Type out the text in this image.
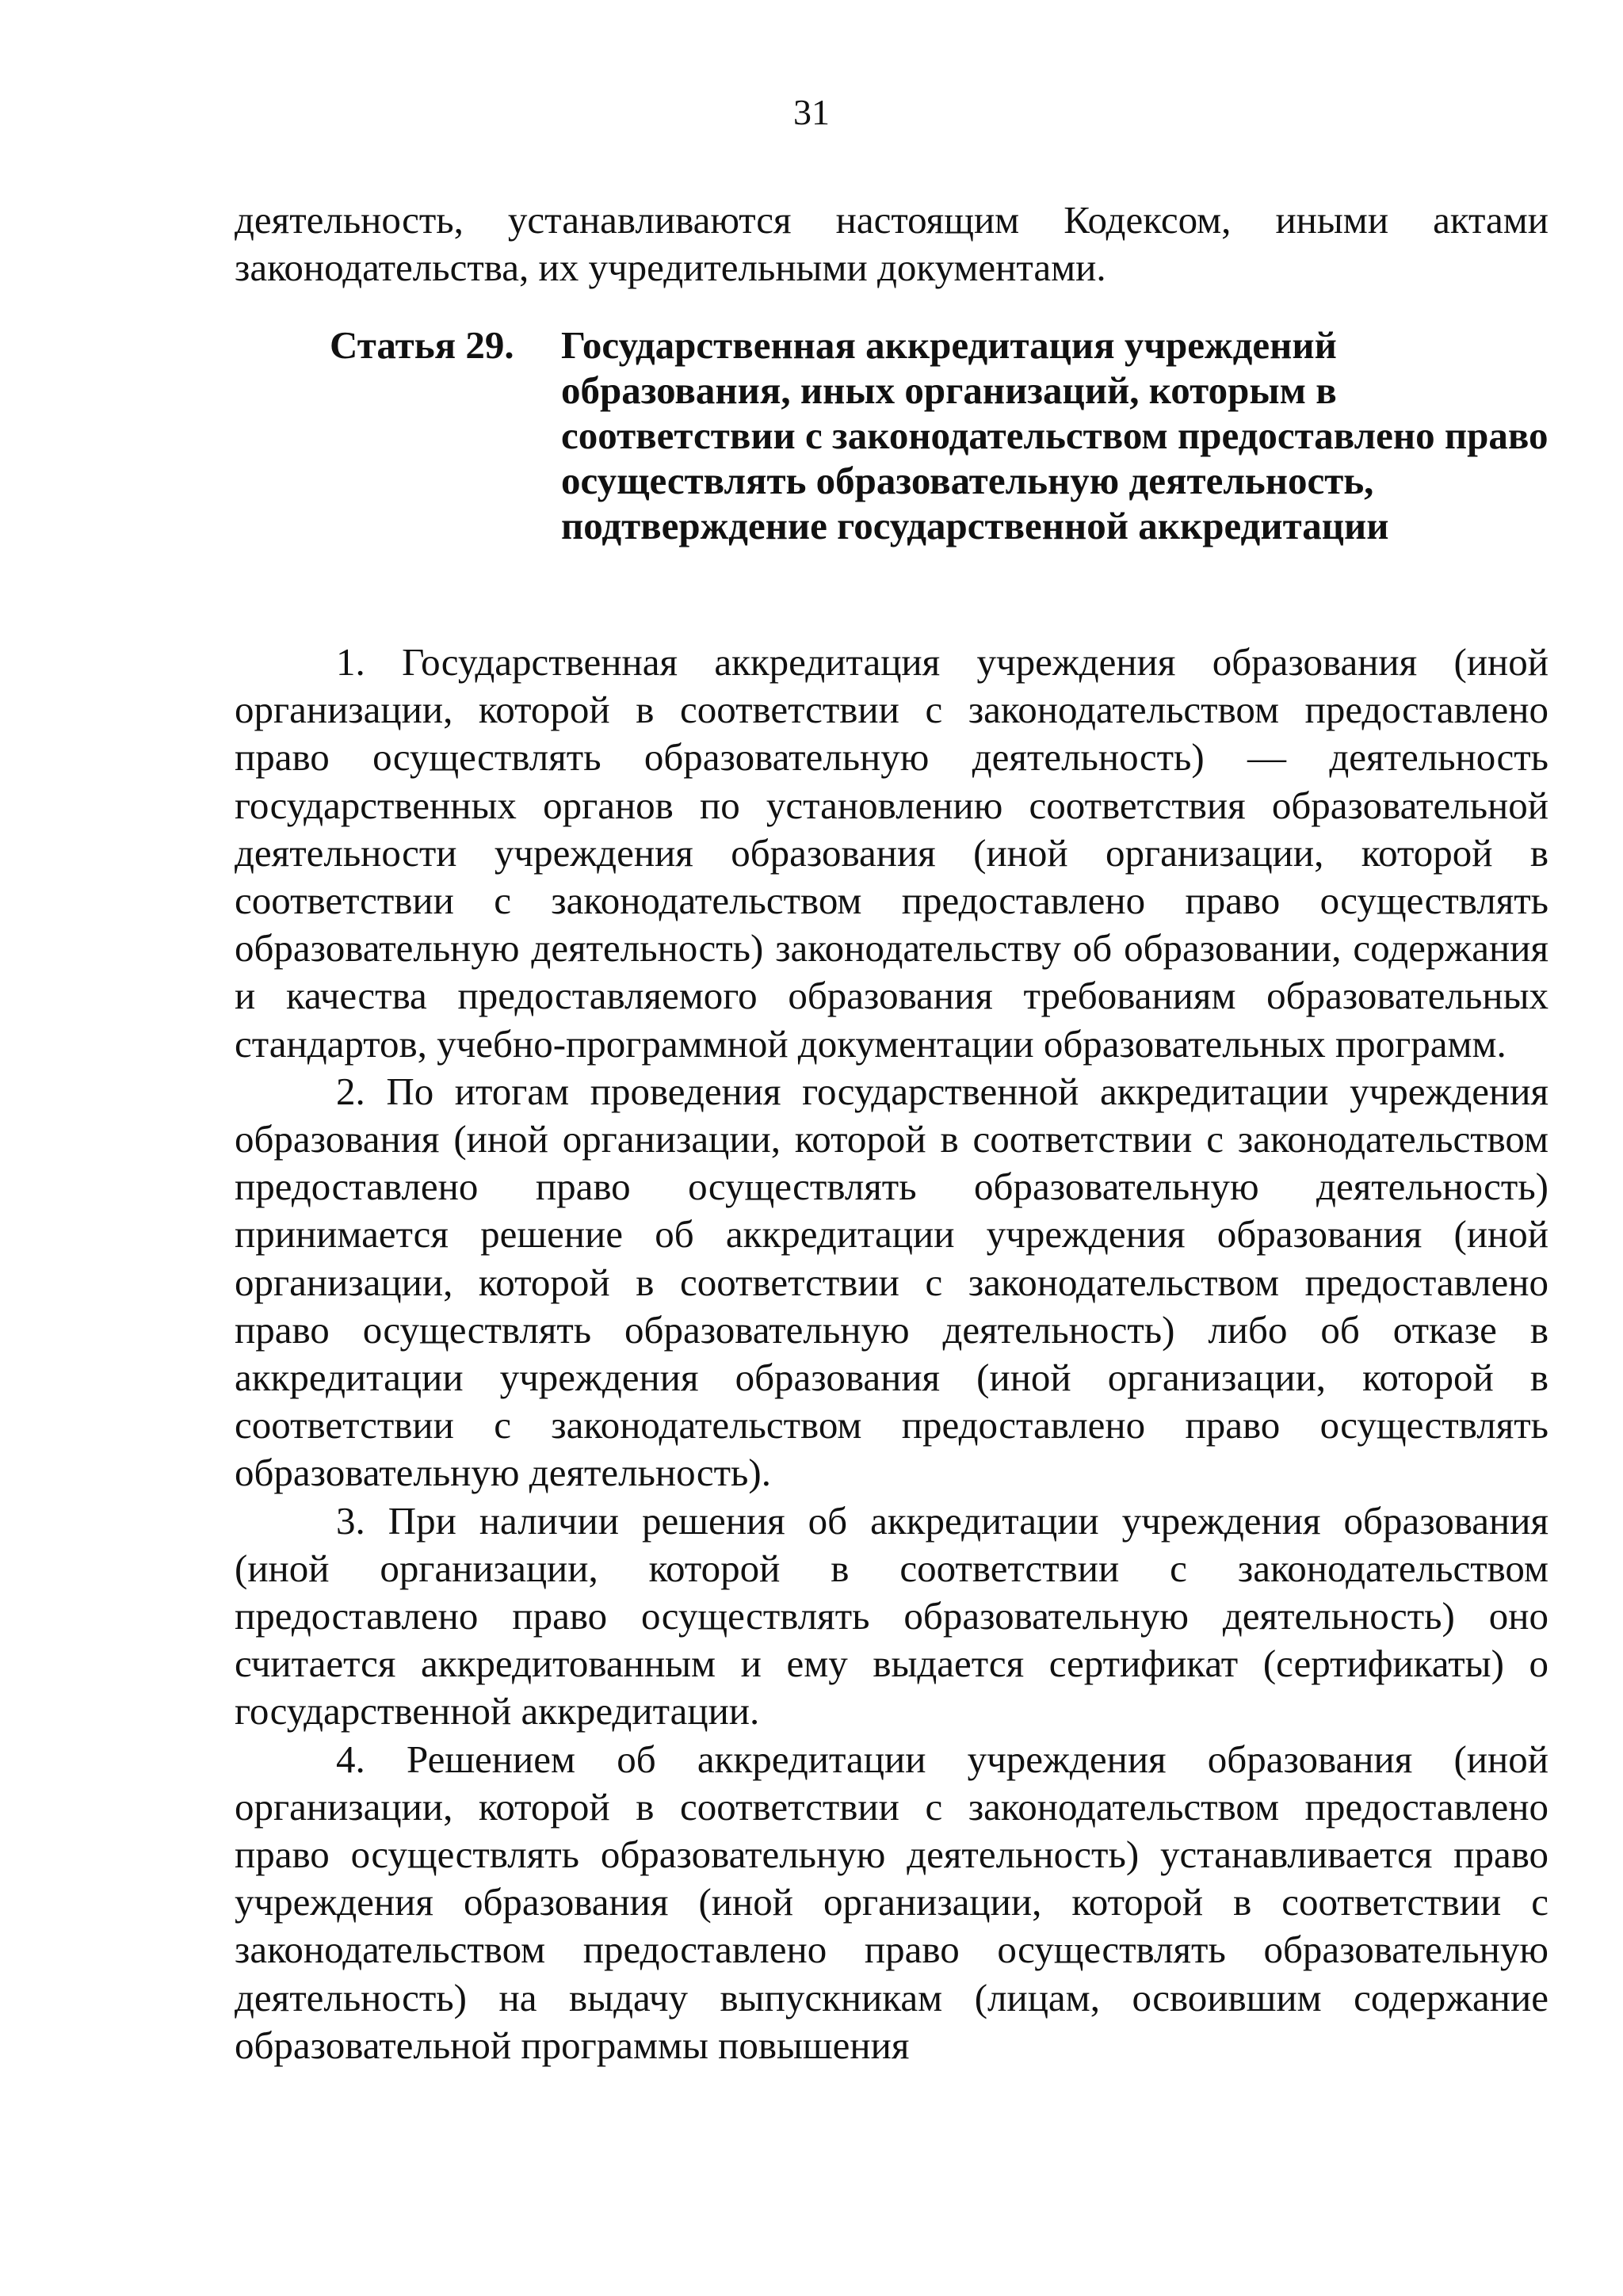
31
деятельность, устанавливаются настоящим Кодексом, иными актами законодательства, их учредительными документами.
Статья 29. Государственная аккредитация учреждений образования, иных организаций, которым в соответствии с законодательством предоставлено право осуществлять образовательную деятельность, подтверждение государственной аккредитации

1. Государственная аккредитация учреждения образования (иной организации, которой в соответствии с законодательством предоставлено право осуществлять образовательную деятельность) — деятельность государственных органов по установлению соответствия образовательной деятельности учреждения образования (иной организации, которой в соответствии с законодательством предоставлено право осуществлять образовательную деятельность) законодательству об образовании, содержания и качества предоставляемого образования требованиям образовательных стандартов, учебно-программной документации образовательных программ.

2. По итогам проведения государственной аккредитации учреждения образования (иной организации, которой в соответствии с законодательством предоставлено право осуществлять образовательную деятельность) принимается решение об аккредитации учреждения образования (иной организации, которой в соответствии с законодательством предоставлено право осуществлять образовательную деятельность) либо об отказе в аккредитации учреждения образования (иной организации, которой в соответствии с законодательством предоставлено право осуществлять образовательную деятельность).

3. При наличии решения об аккредитации учреждения образования (иной организации, которой в соответствии с законодательством предоставлено право осуществлять образовательную деятельность) оно считается аккредитованным и ему выдается сертификат (сертификаты) о государственной аккредитации.

4. Решением об аккредитации учреждения образования (иной организации, которой в соответствии с законодательством предоставлено право осуществлять образовательную деятельность) устанавливается право учреждения образования (иной организации, которой в соответствии с законодательством предоставлено право осуществлять образовательную деятельность) на выдачу выпускникам (лицам, освоившим содержание образовательной программы повышения
